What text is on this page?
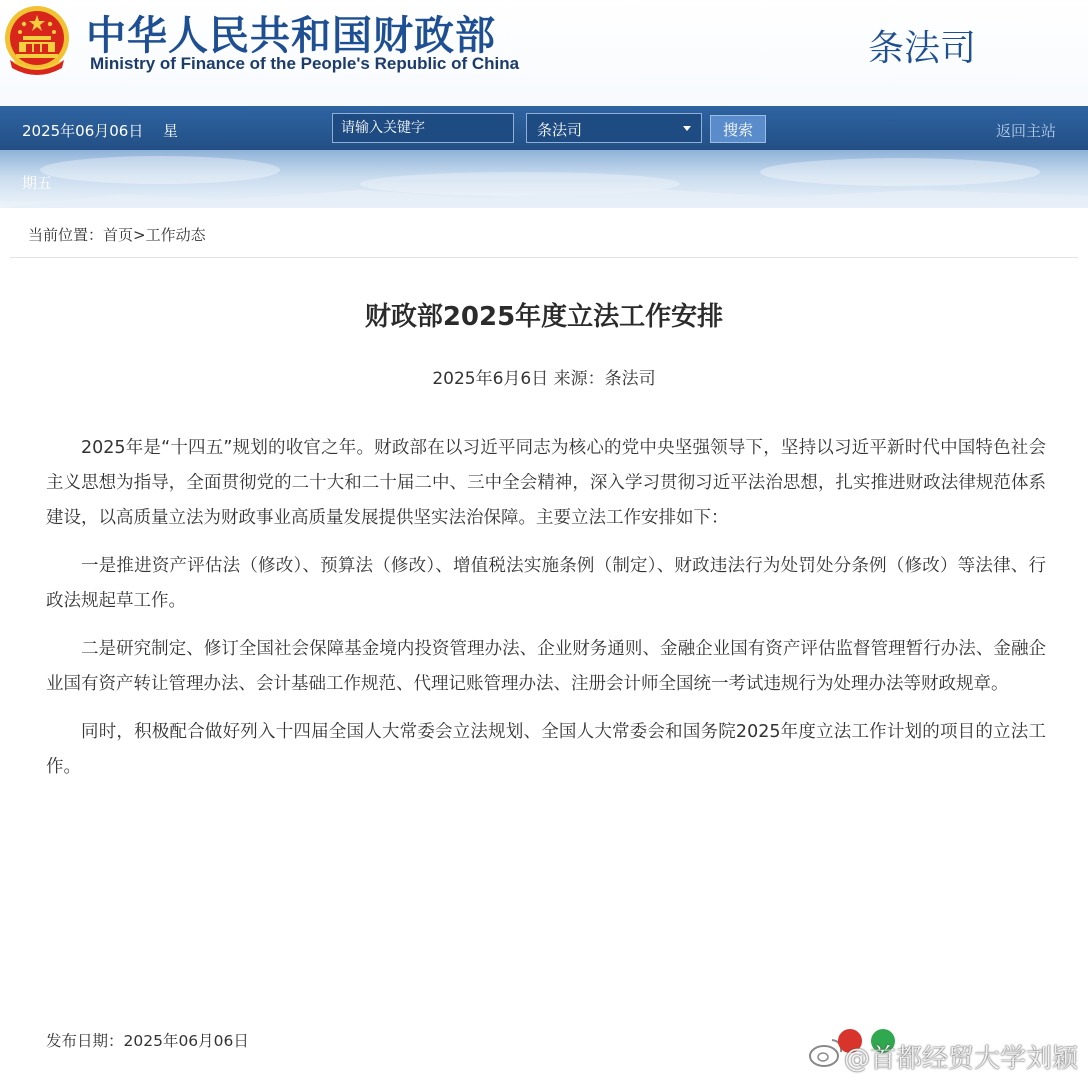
中华人民共和国财政部
Ministry of Finance of the People's Republic of China	条法司
2025年06月06日 星
请输入关键字	条法司	搜索	返回主站
期五
当前位置：首页>工作动态
财政部2025年度立法工作安排
2025年6月6日 来源：条法司

2025年是“十四五”规划的收官之年。财政部在以习近平同志为核心的党中央坚强领导下，坚持以习近平新时代中国特色社会主义思想为指导，全面贯彻党的二十大和二十届二中、三中全会精神，深入学习贯彻习近平法治思想，扎实推进财政法律规范体系建设，以高质量立法为财政事业高质量发展提供坚实法治保障。主要立法工作安排如下：

一是推进资产评估法（修改）、预算法（修改）、增值税法实施条例（制定）、财政违法行为处罚处分条例（修改）等法律、行政法规起草工作。

二是研究制定、修订全国社会保障基金境内投资管理办法、企业财务通则、金融企业国有资产评估监督管理暂行办法、金融企业国有资产转让管理办法、会计基础工作规范、代理记账管理办法、注册会计师全国统一考试违规行为处理办法等财政规章。

同时，积极配合做好列入十四届全国人大常委会立法规划、全国人大常委会和国务院2025年度立法工作计划的项目的立法工作。

发布日期：2025年06月06日
@首都经贸大学刘颖
